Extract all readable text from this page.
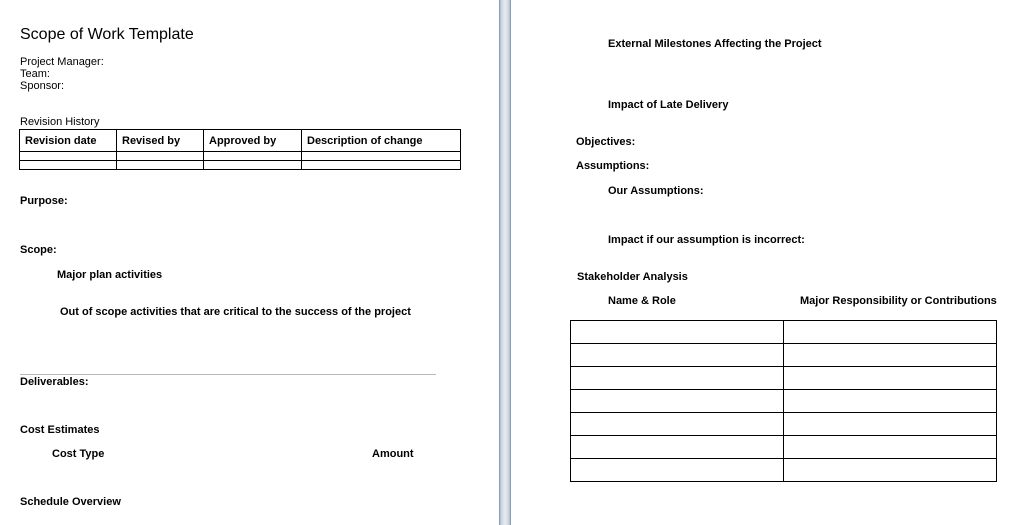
Scope of Work Template
Project Manager:
Team:
Sponsor:
Revision History
Revision date	Revised by	Approved by	Description of change

Purpose:
Scope:
Major plan activities
Out of scope activities that are critical to the success of the project
Deliverables:
Cost Estimates
Cost Type	Amount
Schedule Overview
External Milestones Affecting the Project
Impact of Late Delivery
Objectives:
Assumptions:
Our Assumptions:
Impact if our assumption is incorrect:
Stakeholder Analysis
Name & Role	Major Responsibility or Contributions
